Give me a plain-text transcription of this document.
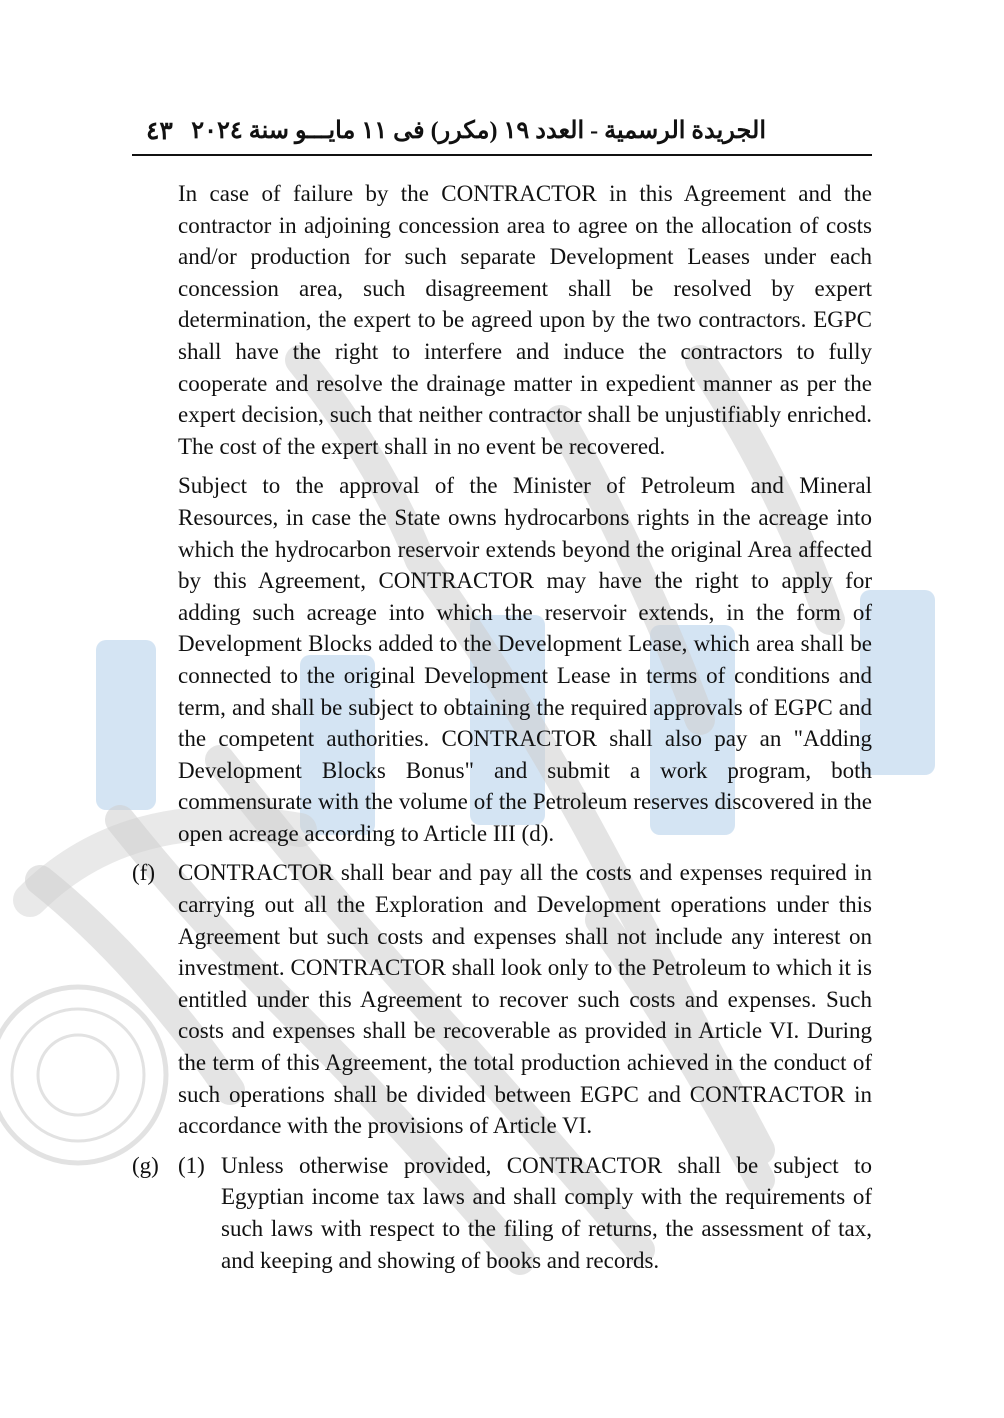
٤٣ الجريدة الرسمية - العدد ١٩ (مكرر) فى ١١ مايـــو سنة ٢٠٢٤

In case of failure by the CONTRACTOR in this Agreement and the contractor in adjoining concession area to agree on the allocation of costs and/or production for such separate Development Leases under each concession area, such disagreement shall be resolved by expert determination, the expert to be agreed upon by the two contractors. EGPC shall have the right to interfere and induce the contractors to fully cooperate and resolve the drainage matter in expedient manner as per the expert decision, such that neither contractor shall be unjustifiably enriched. The cost of the expert shall in no event be recovered.

Subject to the approval of the Minister of Petroleum and Mineral Resources, in case the State owns hydrocarbons rights in the acreage into which the hydrocarbon reservoir extends beyond the original Area affected by this Agreement, CONTRACTOR may have the right to apply for adding such acreage into which the reservoir extends, in the form of Development Blocks added to the Development Lease, which area shall be connected to the original Development Lease in terms of conditions and term, and shall be subject to obtaining the required approvals of EGPC and the competent authorities. CONTRACTOR shall also pay an "Adding Development Blocks Bonus" and submit a work program, both commensurate with the volume of the Petroleum reserves discovered in the open acreage according to Article III (d).

(f) CONTRACTOR shall bear and pay all the costs and expenses required in carrying out all the Exploration and Development operations under this Agreement but such costs and expenses shall not include any interest on investment. CONTRACTOR shall look only to the Petroleum to which it is entitled under this Agreement to recover such costs and expenses. Such costs and expenses shall be recoverable as provided in Article VI. During the term of this Agreement, the total production achieved in the conduct of such operations shall be divided between EGPC and CONTRACTOR in accordance with the provisions of Article VI.
(g) (1) Unless otherwise provided, CONTRACTOR shall be subject to Egyptian income tax laws and shall comply with the requirements of such laws with respect to the filing of returns, the assessment of tax, and keeping and showing of books and records.
